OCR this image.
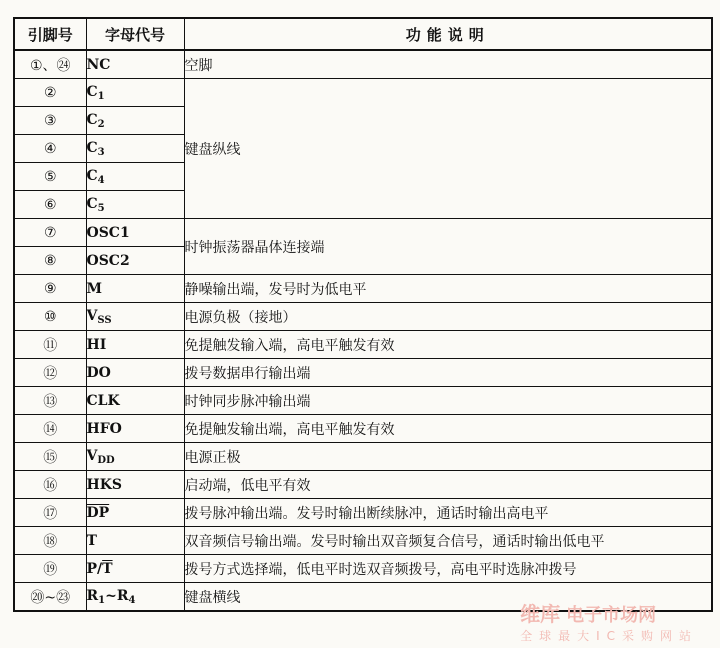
引脚号	字母代号	功能说明
①、㉔	NC	空脚
②	$C_1$	键盘纵线
③	$C_2$
④	$C_3$
⑤	$C_4$
⑥	$C_5$
⑦	OSC1	时钟振荡器晶体连接端
⑧	OSC2	
⑨	M	静噪输出端，发号时为低电平
⑩	$V_{SS}$	电源负极（接地）
⑪	HI	免提触发输入端，高电平触发有效
⑫	DO	拨号数据串行输出端
⑬	CLK	时钟同步脉冲输出端
⑭	HFO	免提触发输出端，高电平触发有效
⑮	$V_{DD}$	电源正极
⑯	HKS	启动端，低电平有效
⑰	$\overline{DP}$	拨号脉冲输出端。发号时输出断续脉冲，通话时输出高电平
⑱	T	双音频信号输出端。发号时输出双音频复合信号，通话时输出低电平
⑲	$P/\overline{T}$	拨号方式选择端，低电平时选双音频拨号，高电平时选脉冲拨号
⑳~㉓	$R_1\sim R_4$	键盘横线
维库 电子市场网
全球最大IC采购网站
